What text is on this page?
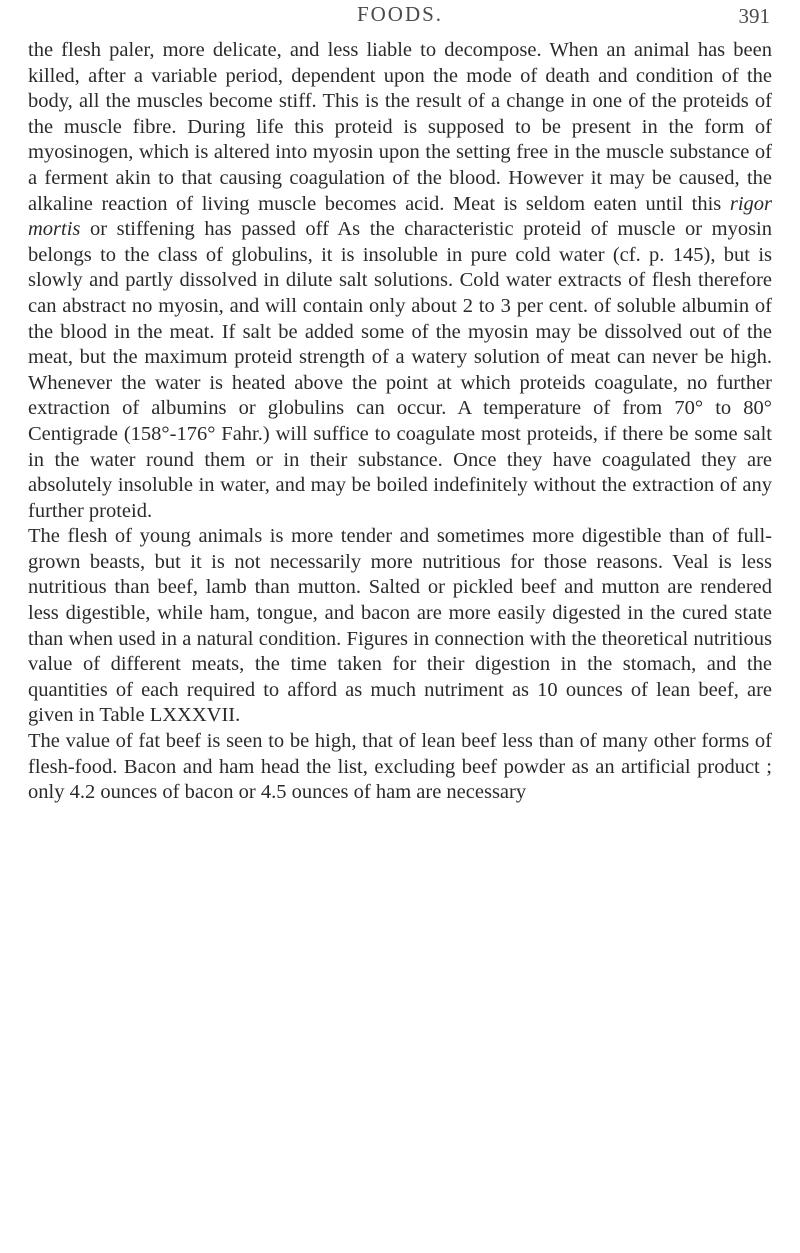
FOODS.	391

the flesh paler, more delicate, and less liable to decompose. When an animal has been killed, after a variable period, dependent upon the mode of death and condition of the body, all the muscles become stiff. This is the result of a change in one of the proteids of the muscle fibre. During life this proteid is supposed to be present in the form of myosinogen, which is altered into myosin upon the setting free in the muscle substance of a ferment akin to that causing coagulation of the blood. However it may be caused, the alkaline reaction of living muscle becomes acid. Meat is seldom eaten until this rigor mortis or stiffening has passed off As the characteristic proteid of muscle or myosin belongs to the class of globulins, it is insoluble in pure cold water (cf. p. 145), but is slowly and partly dissolved in dilute salt solutions. Cold water extracts of flesh therefore can abstract no myosin, and will contain only about 2 to 3 per cent. of soluble albumin of the blood in the meat. If salt be added some of the myosin may be dissolved out of the meat, but the maximum proteid strength of a watery solution of meat can never be high. Whenever the water is heated above the point at which proteids coagulate, no further extraction of albumins or globulins can occur. A temperature of from 70° to 80° Centigrade (158°-176° Fahr.) will suffice to coagulate most proteids, if there be some salt in the water round them or in their substance. Once they have coagulated they are absolutely insoluble in water, and may be boiled indefinitely without the extraction of any further proteid.

The flesh of young animals is more tender and sometimes more digestible than of full-grown beasts, but it is not necessarily more nutritious for those reasons. Veal is less nutritious than beef, lamb than mutton. Salted or pickled beef and mutton are rendered less digestible, while ham, tongue, and bacon are more easily digested in the cured state than when used in a natural condition. Figures in connection with the theoretical nutritious value of different meats, the time taken for their digestion in the stomach, and the quantities of each required to afford as much nutriment as 10 ounces of lean beef, are given in Table LXXXVII.

The value of fat beef is seen to be high, that of lean beef less than of many other forms of flesh-food. Bacon and ham head the list, excluding beef powder as an artificial product ; only 4.2 ounces of bacon or 4.5 ounces of ham are necessary
